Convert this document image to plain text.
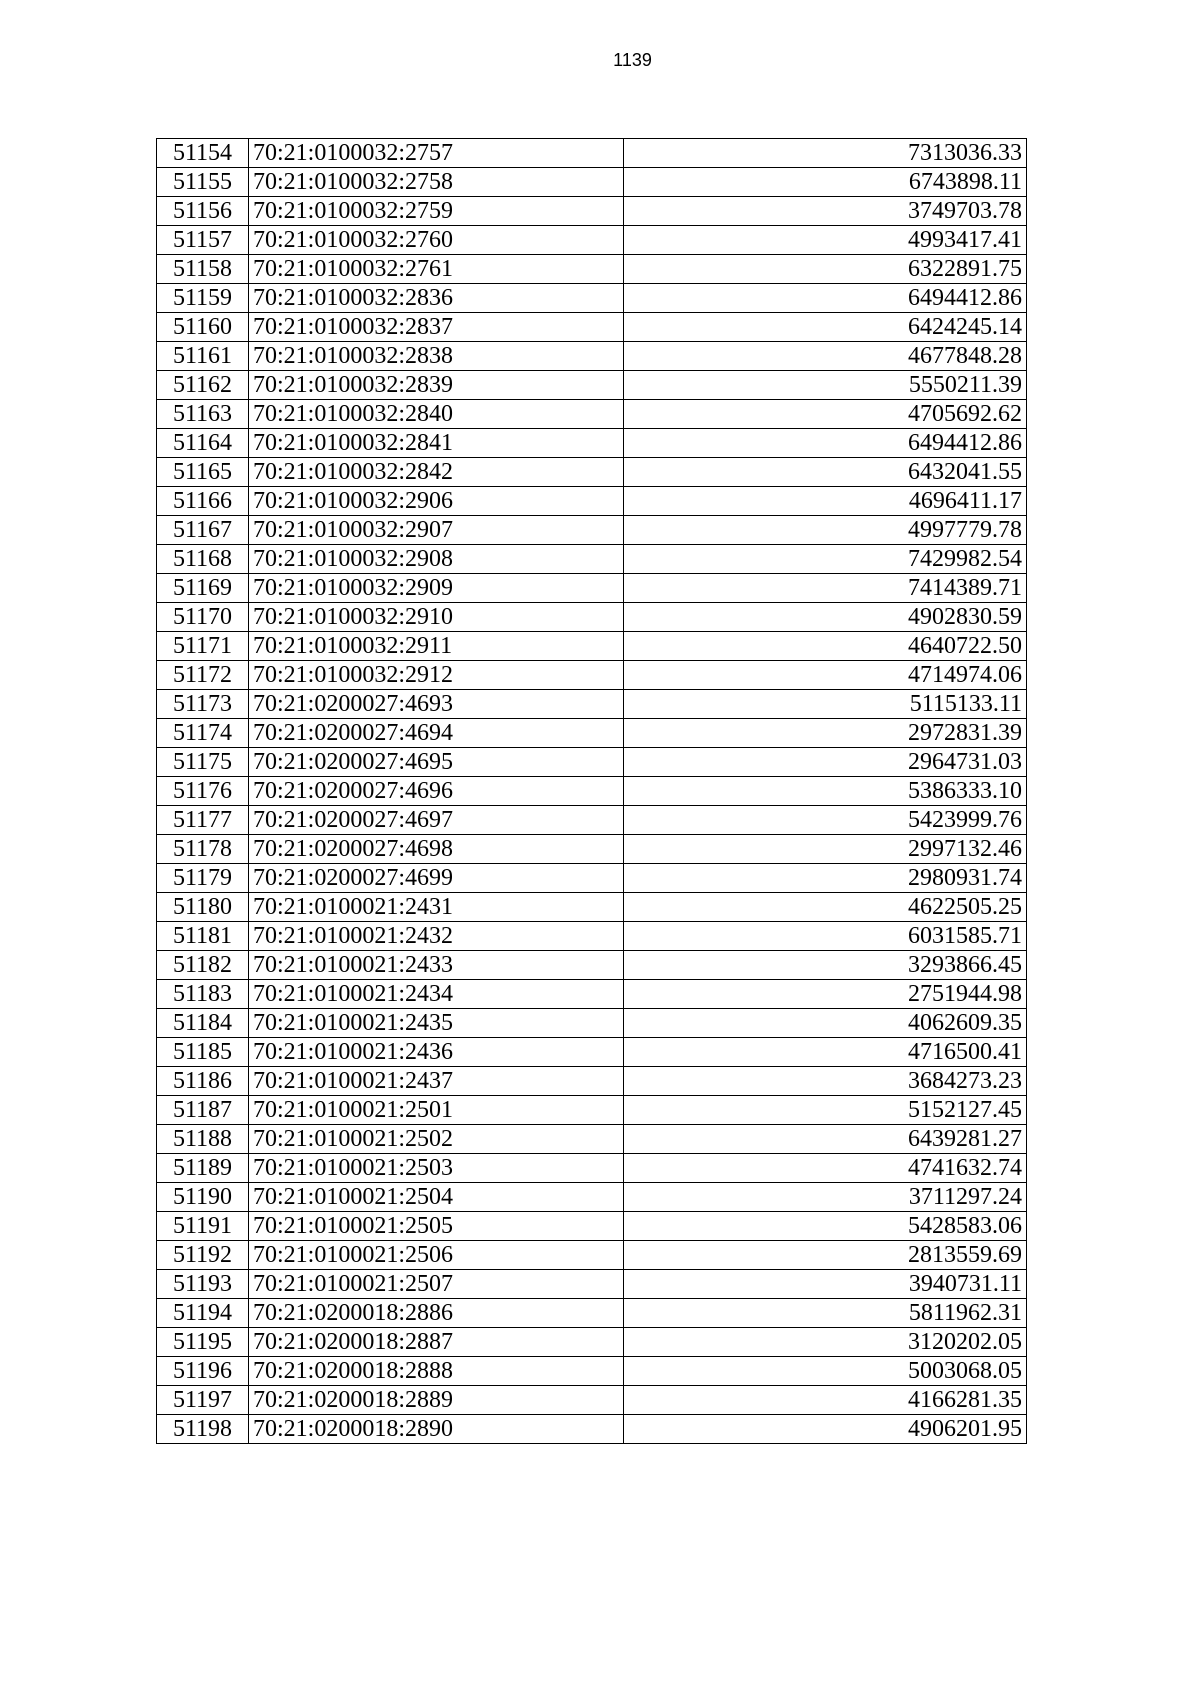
1139
51154	70:21:0100032:2757	7313036.33
51155	70:21:0100032:2758	6743898.11
51156	70:21:0100032:2759	3749703.78
51157	70:21:0100032:2760	4993417.41
51158	70:21:0100032:2761	6322891.75
51159	70:21:0100032:2836	6494412.86
51160	70:21:0100032:2837	6424245.14
51161	70:21:0100032:2838	4677848.28
51162	70:21:0100032:2839	5550211.39
51163	70:21:0100032:2840	4705692.62
51164	70:21:0100032:2841	6494412.86
51165	70:21:0100032:2842	6432041.55
51166	70:21:0100032:2906	4696411.17
51167	70:21:0100032:2907	4997779.78
51168	70:21:0100032:2908	7429982.54
51169	70:21:0100032:2909	7414389.71
51170	70:21:0100032:2910	4902830.59
51171	70:21:0100032:2911	4640722.50
51172	70:21:0100032:2912	4714974.06
51173	70:21:0200027:4693	5115133.11
51174	70:21:0200027:4694	2972831.39
51175	70:21:0200027:4695	2964731.03
51176	70:21:0200027:4696	5386333.10
51177	70:21:0200027:4697	5423999.76
51178	70:21:0200027:4698	2997132.46
51179	70:21:0200027:4699	2980931.74
51180	70:21:0100021:2431	4622505.25
51181	70:21:0100021:2432	6031585.71
51182	70:21:0100021:2433	3293866.45
51183	70:21:0100021:2434	2751944.98
51184	70:21:0100021:2435	4062609.35
51185	70:21:0100021:2436	4716500.41
51186	70:21:0100021:2437	3684273.23
51187	70:21:0100021:2501	5152127.45
51188	70:21:0100021:2502	6439281.27
51189	70:21:0100021:2503	4741632.74
51190	70:21:0100021:2504	3711297.24
51191	70:21:0100021:2505	5428583.06
51192	70:21:0100021:2506	2813559.69
51193	70:21:0100021:2507	3940731.11
51194	70:21:0200018:2886	5811962.31
51195	70:21:0200018:2887	3120202.05
51196	70:21:0200018:2888	5003068.05
51197	70:21:0200018:2889	4166281.35
51198	70:21:0200018:2890	4906201.95
